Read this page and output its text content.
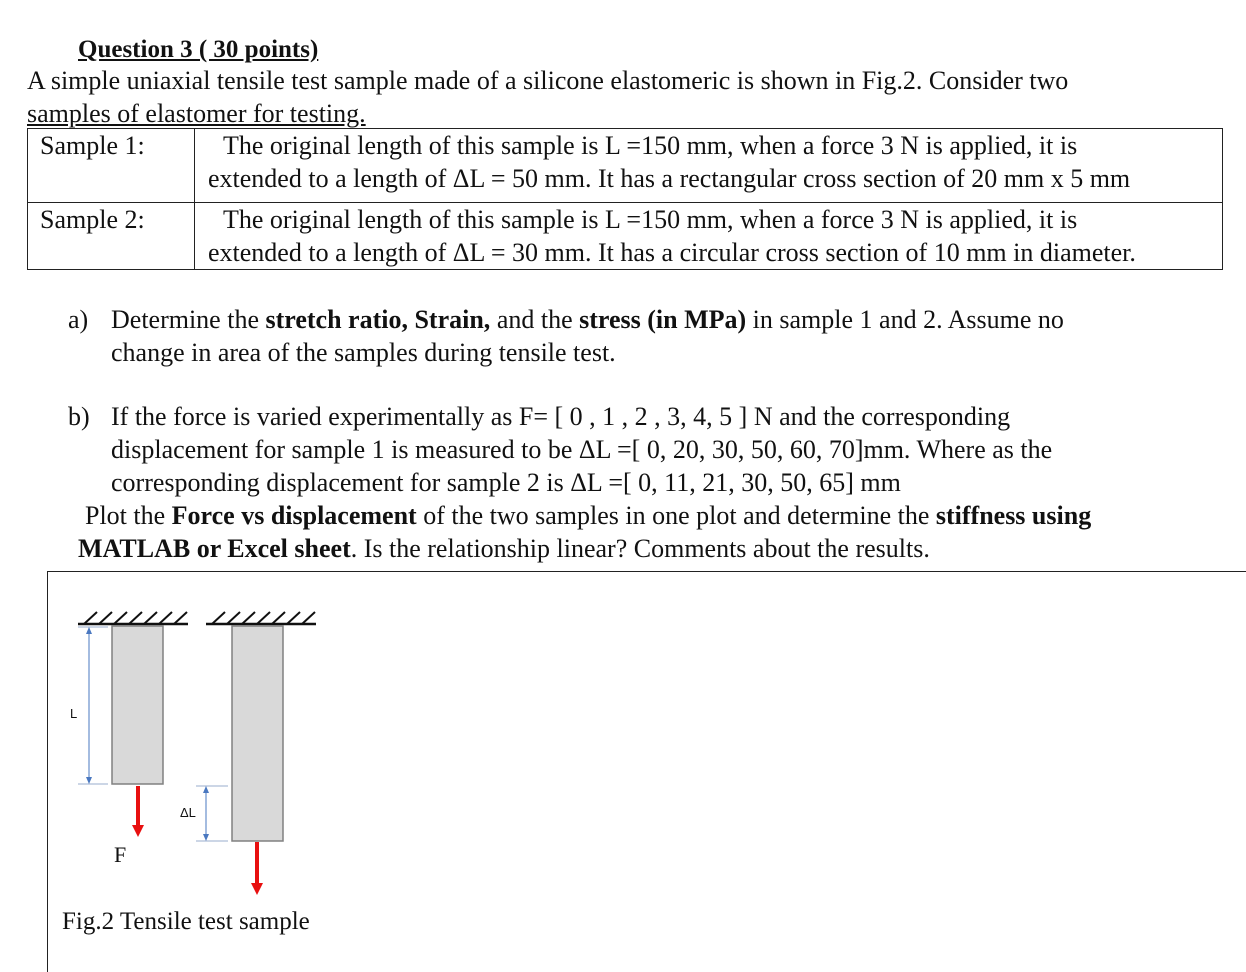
Question 3 ( 30 points)
A simple uniaxial tensile test sample made of a silicone elastomeric is shown in Fig.2. Consider two
samples of elastomer for testing.
Sample 1:	The original length of this sample is L =150 mm, when a force 3 N is applied, it is
extended to a length of ΔL = 50 mm. It has a rectangular cross section of 20 mm x 5 mm

Sample 2:	The original length of this sample is L =150 mm, when a force 3 N is applied, it is
extended to a length of ΔL = 30 mm. It has a circular cross section of 10 mm in diameter.
a) Determine the stretch ratio, Strain, and the stress (in MPa) in sample 1 and 2. Assume no
change in area of the samples during tensile test.
b) If the force is varied experimentally as F= [ 0 , 1 , 2 , 3, 4, 5 ] N and the corresponding
displacement for sample 1 is measured to be ΔL =[ 0, 20, 30, 50, 60, 70]mm. Where as the
corresponding displacement for sample 2 is ΔL =[ 0, 11, 21, 30, 50, 65] mm
Plot the Force vs displacement of the two samples in one plot and determine the stiffness using
MATLAB or Excel sheet. Is the relationship linear? Comments about the results.
L
ΔL
F
Fig.2 Tensile test sample
